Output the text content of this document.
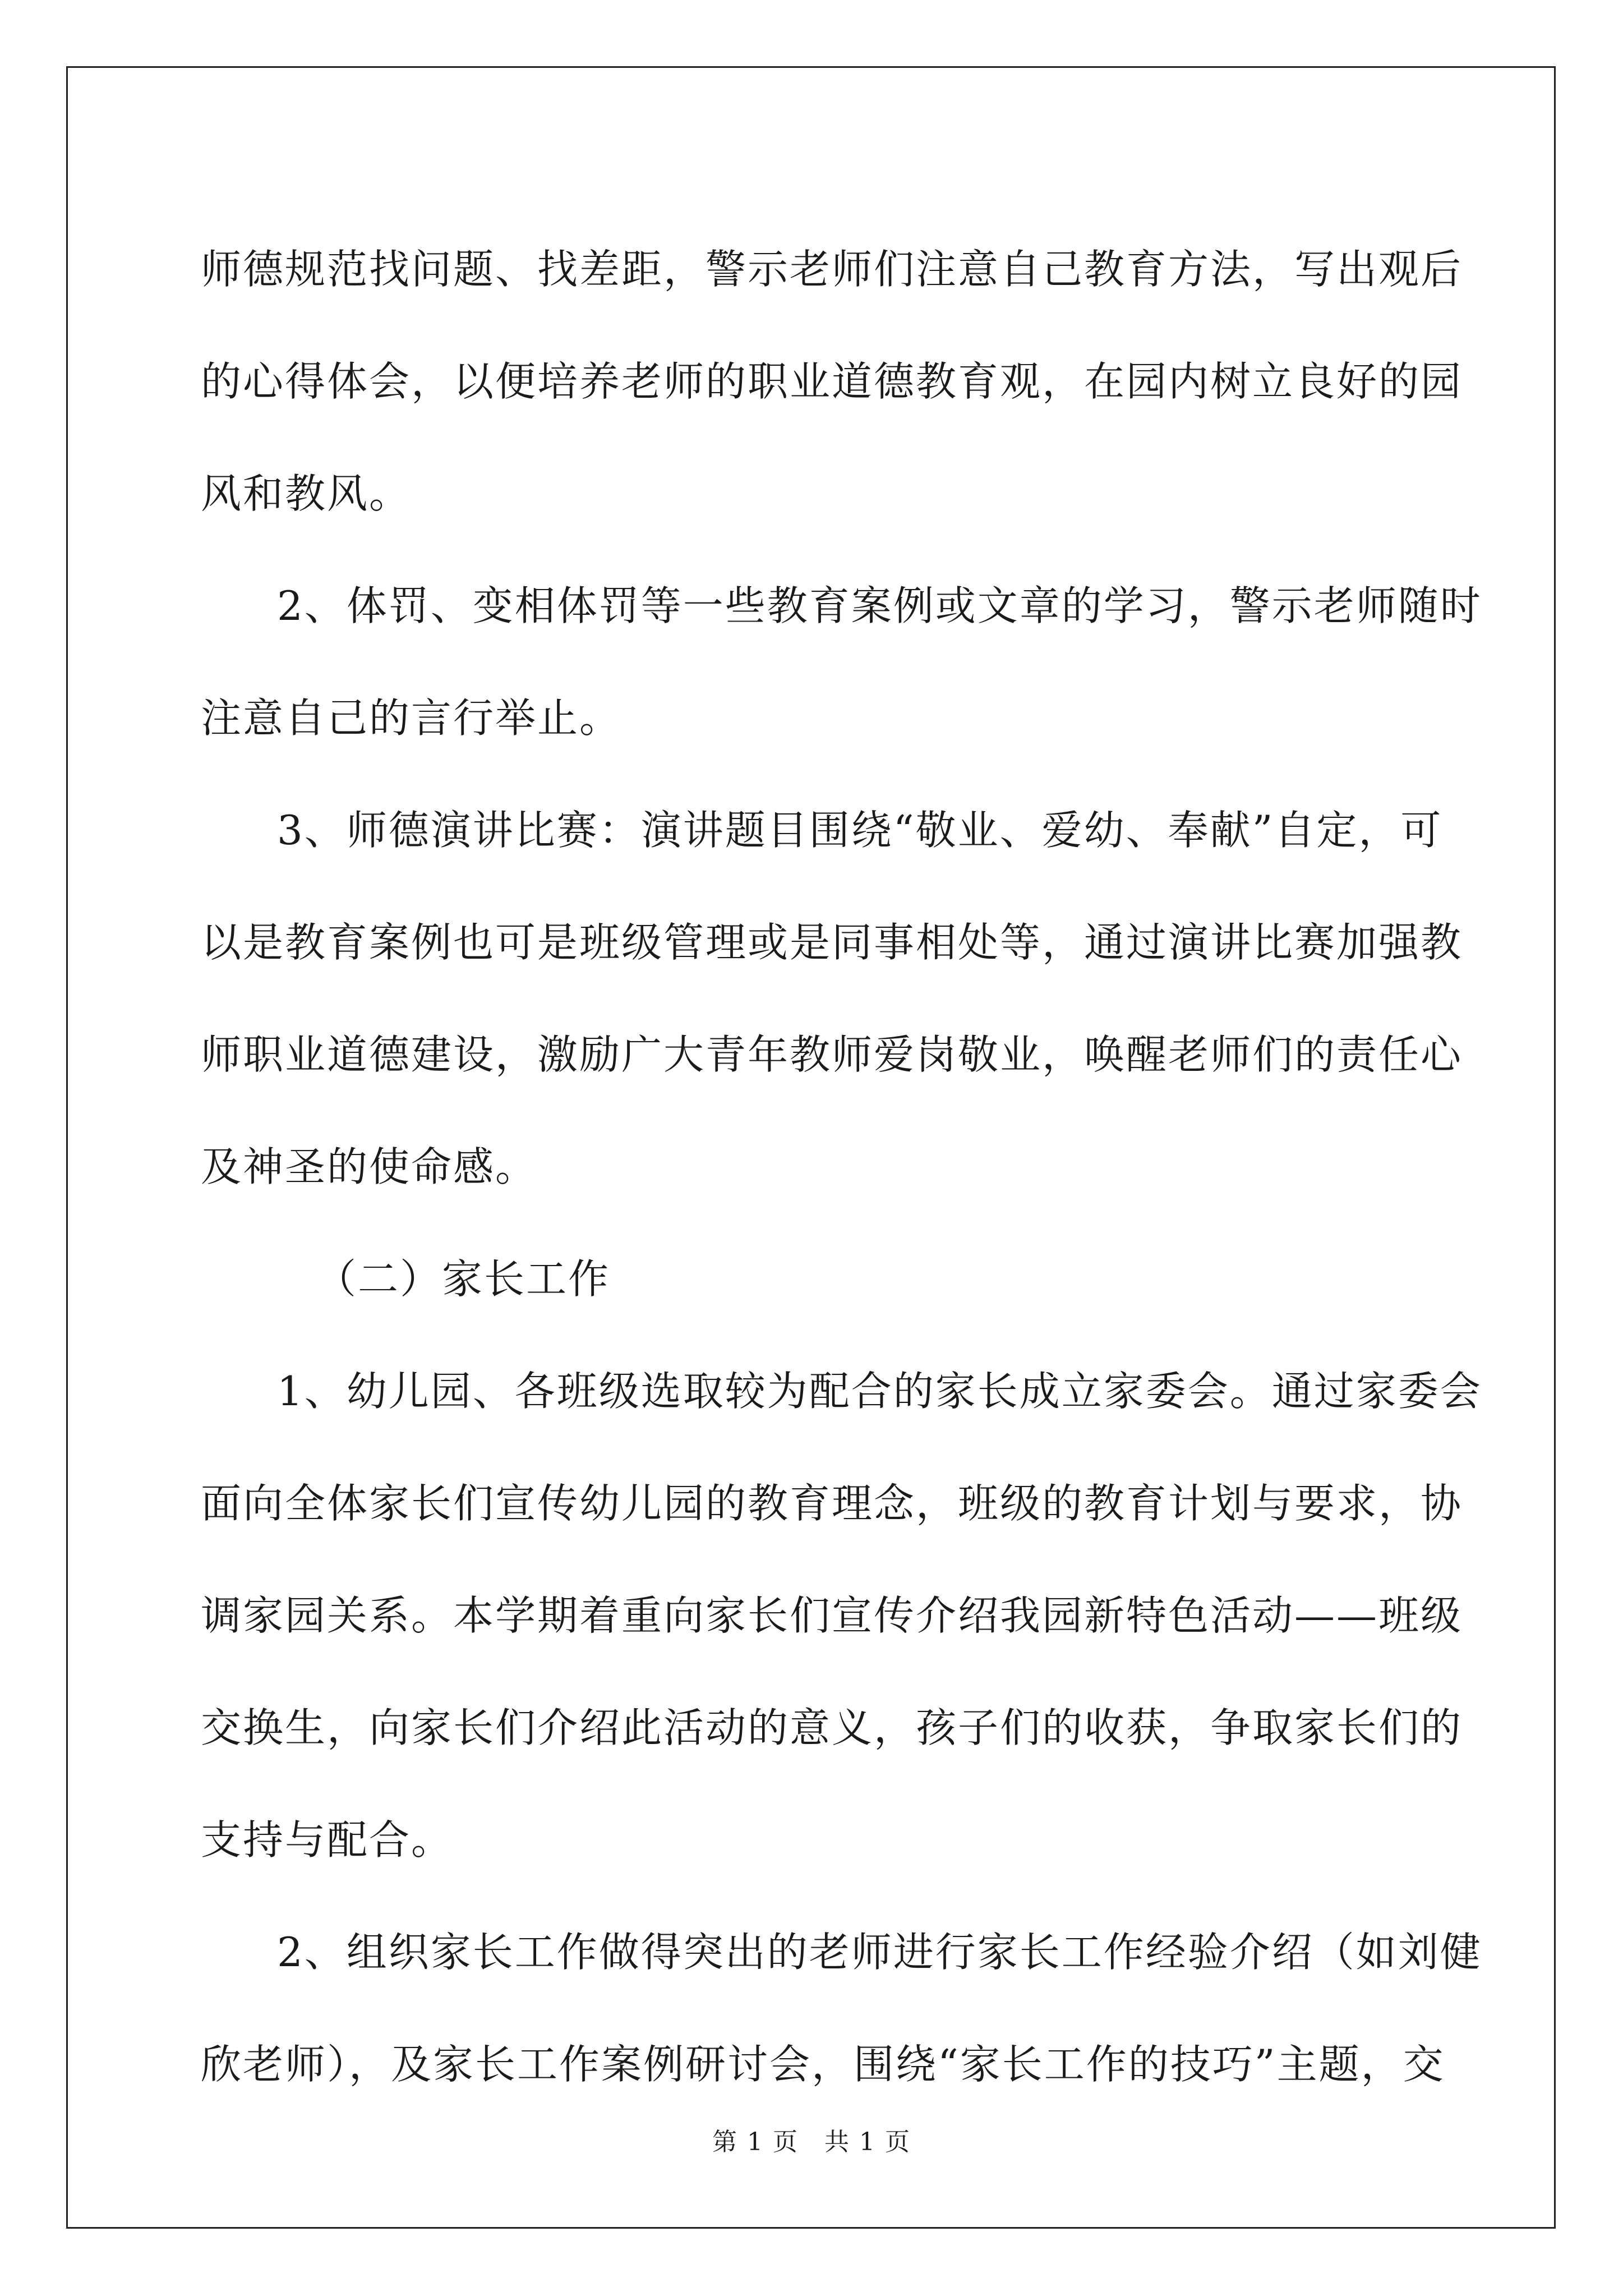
师德规范找问题、找差距，警示老师们注意自己教育方法，写出观后
的心得体会，以便培养老师的职业道德教育观，在园内树立良好的园
风和教风。
2、体罚、变相体罚等一些教育案例或文章的学习，警示老师随时
注意自己的言行举止。
3、师德演讲比赛：演讲题目围绕“敬业、爱幼、奉献”自定，可
以是教育案例也可是班级管理或是同事相处等，通过演讲比赛加强教
师职业道德建设，激励广大青年教师爱岗敬业，唤醒老师们的责任心
及神圣的使命感。
（二）家长工作
1、幼儿园、各班级选取较为配合的家长成立家委会。通过家委会
面向全体家长们宣传幼儿园的教育理念，班级的教育计划与要求，协
调家园关系。本学期着重向家长们宣传介绍我园新特色活动——班级
交换生，向家长们介绍此活动的意义，孩子们的收获，争取家长们的
支持与配合。
2、组织家长工作做得突出的老师进行家长工作经验介绍（如刘健
欣老师），及家长工作案例研讨会，围绕“家长工作的技巧”主题，交
第 1 页　共 1 页
